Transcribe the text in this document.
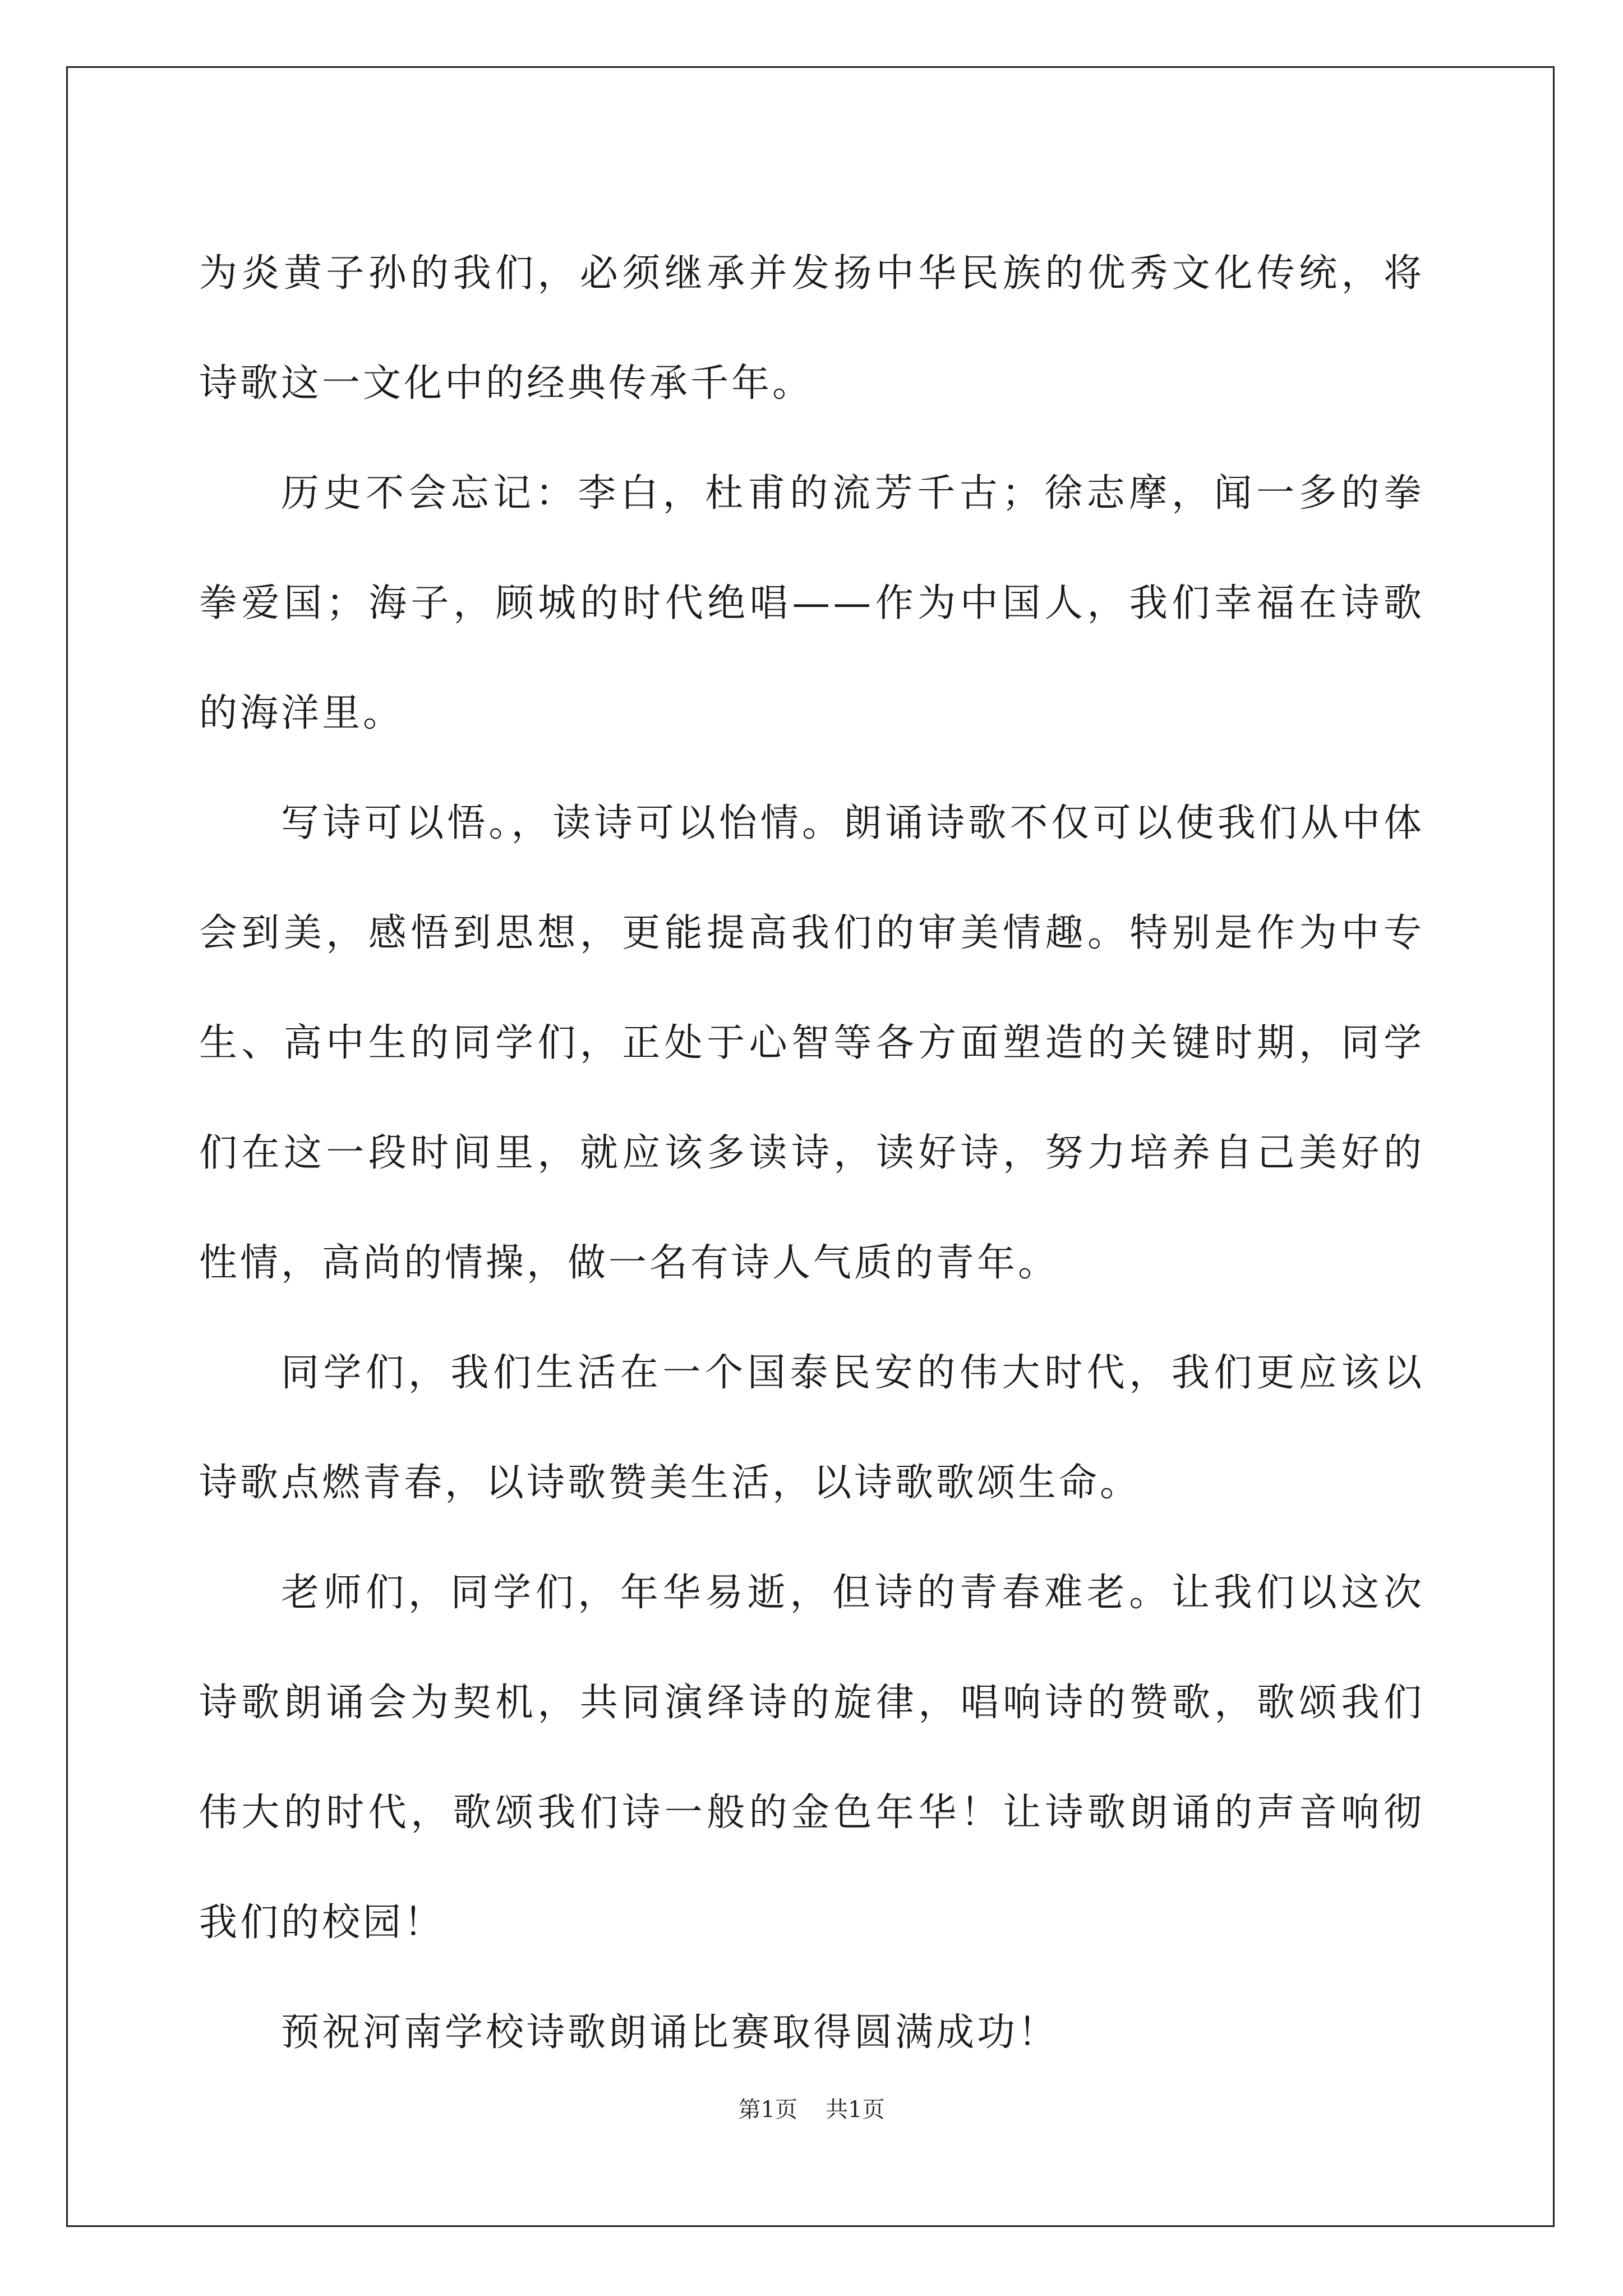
为炎黄子孙的我们，必须继承并发扬中华民族的优秀文化传统，将诗歌这一文化中的经典传承千年。

历史不会忘记：李白，杜甫的流芳千古；徐志摩，闻一多的拳拳爱国；海子，顾城的时代绝唱——作为中国人，我们幸福在诗歌的海洋里。

写诗可以悟。，读诗可以怡情。朗诵诗歌不仅可以使我们从中体会到美，感悟到思想，更能提高我们的审美情趣。特别是作为中专生、高中生的同学们，正处于心智等各方面塑造的关键时期，同学们在这一段时间里，就应该多读诗，读好诗，努力培养自己美好的性情，高尚的情操，做一名有诗人气质的青年。

同学们，我们生活在一个国泰民安的伟大时代，我们更应该以诗歌点燃青春，以诗歌赞美生活，以诗歌歌颂生命。

老师们，同学们，年华易逝，但诗的青春难老。让我们以这次诗歌朗诵会为契机，共同演绎诗的旋律，唱响诗的赞歌，歌颂我们伟大的时代，歌颂我们诗一般的金色年华！让诗歌朗诵的声音响彻我们的校园！

预祝河南学校诗歌朗诵比赛取得圆满成功！

第1页 共1页
